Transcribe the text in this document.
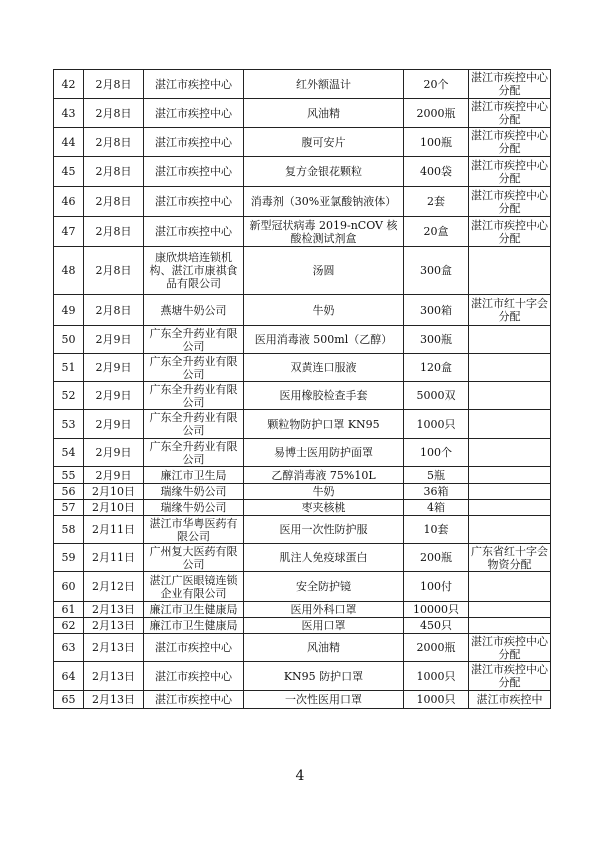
42	2月8日	湛江市疾控中心	红外额温计	20个	湛江市疾控中心分配
43	2月8日	湛江市疾控中心	风油精	2000瓶	湛江市疾控中心分配
44	2月8日	湛江市疾控中心	腹可安片	100瓶	湛江市疾控中心分配
45	2月8日	湛江市疾控中心	复方金银花颗粒	400袋	湛江市疾控中心分配
46	2月8日	湛江市疾控中心	消毒剂（30%亚氯酸钠液体）	2套	湛江市疾控中心分配
47	2月8日	湛江市疾控中心	新型冠状病毒 2019-nCOV 核酸检测试剂盒	20盒	湛江市疾控中心分配
48	2月8日	康欣烘培连锁机构、湛江市康祺食品有限公司	汤圆	300盒	
49	2月8日	燕塘牛奶公司	牛奶	300箱	湛江市红十字会分配
50	2月9日	广东全升药业有限公司	医用消毒液 500ml（乙醇）	300瓶	
51	2月9日	广东全升药业有限公司	双黄连口服液	120盒	
52	2月9日	广东全升药业有限公司	医用橡胶检查手套	5000双	
53	2月9日	广东全升药业有限公司	颗粒物防护口罩 KN95	1000只	
54	2月9日	广东全升药业有限公司	易博士医用防护面罩	100个	
55	2月9日	廉江市卫生局	乙醇消毒液 75%10L	5瓶	
56	2月10日	瑞缘牛奶公司	牛奶	36箱	
57	2月10日	瑞缘牛奶公司	枣夹核桃	4箱	
58	2月11日	湛江市华粤医药有限公司	医用一次性防护服	10套	
59	2月11日	广州复大医药有限公司	肌注人免疫球蛋白	200瓶	广东省红十字会物资分配
60	2月12日	湛江广医眼镜连锁企业有限公司	安全防护镜	100付	
61	2月13日	廉江市卫生健康局	医用外科口罩	10000只	
62	2月13日	廉江市卫生健康局	医用口罩	450只	
63	2月13日	湛江市疾控中心	风油精	2000瓶	湛江市疾控中心分配
64	2月13日	湛江市疾控中心	KN95 防护口罩	1000只	湛江市疾控中心分配
65	2月13日	湛江市疾控中心	一次性医用口罩	1000只	湛江市疾控中
4
